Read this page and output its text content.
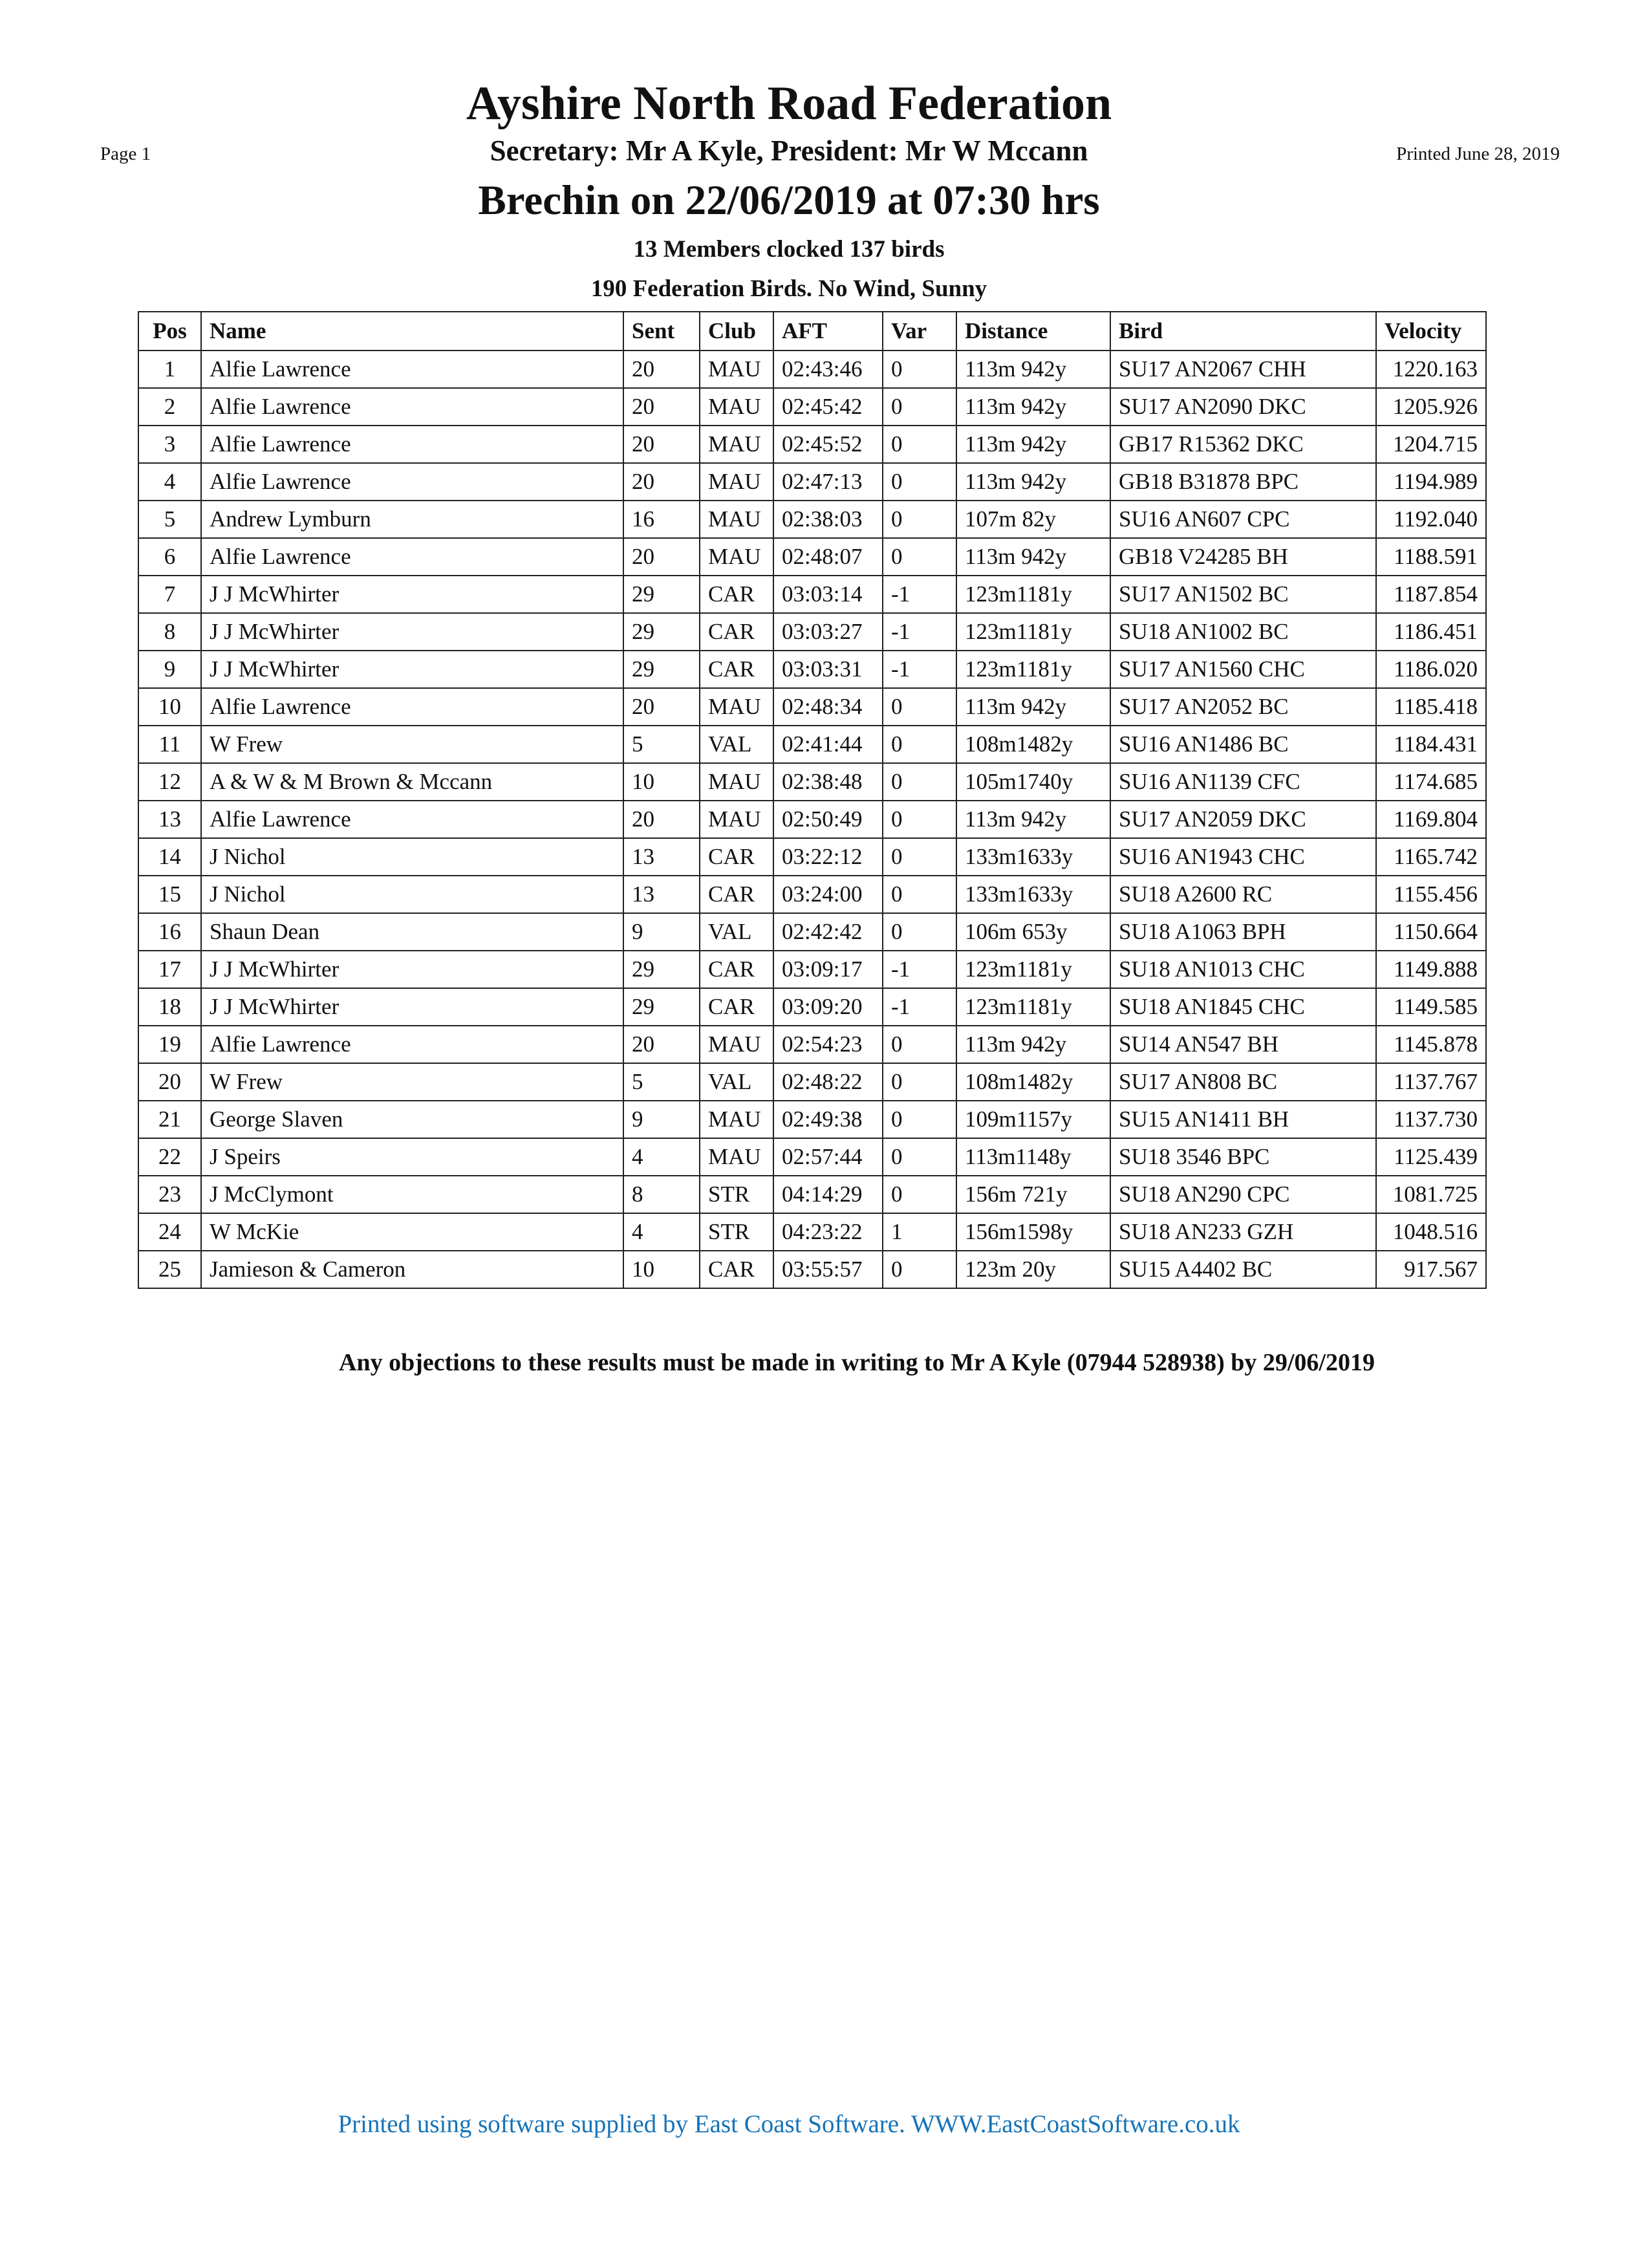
Page 1	Printed June 28, 2019
Ayshire North Road Federation
Secretary: Mr A Kyle, President: Mr W Mccann
Brechin on 22/06/2019 at 07:30 hrs
13 Members clocked 137 birds
190 Federation Birds. No Wind, Sunny
Pos	Name	Sent	Club	AFT	Var	Distance	Bird	Velocity
1	Alfie Lawrence	20	MAU	02:43:46	0	113m 942y	SU17 AN2067 CHH	1220.163
2	Alfie Lawrence	20	MAU	02:45:42	0	113m 942y	SU17 AN2090 DKC	1205.926
3	Alfie Lawrence	20	MAU	02:45:52	0	113m 942y	GB17 R15362 DKC	1204.715
4	Alfie Lawrence	20	MAU	02:47:13	0	113m 942y	GB18 B31878 BPC	1194.989
5	Andrew Lymburn	16	MAU	02:38:03	0	107m 82y	SU16 AN607 CPC	1192.040
6	Alfie Lawrence	20	MAU	02:48:07	0	113m 942y	GB18 V24285 BH	1188.591
7	J J McWhirter	29	CAR	03:03:14	-1	123m1181y	SU17 AN1502 BC	1187.854
8	J J McWhirter	29	CAR	03:03:27	-1	123m1181y	SU18 AN1002 BC	1186.451
9	J J McWhirter	29	CAR	03:03:31	-1	123m1181y	SU17 AN1560 CHC	1186.020
10	Alfie Lawrence	20	MAU	02:48:34	0	113m 942y	SU17 AN2052 BC	1185.418
11	W Frew	5	VAL	02:41:44	0	108m1482y	SU16 AN1486 BC	1184.431
12	A & W & M Brown & Mccann	10	MAU	02:38:48	0	105m1740y	SU16 AN1139 CFC	1174.685
13	Alfie Lawrence	20	MAU	02:50:49	0	113m 942y	SU17 AN2059 DKC	1169.804
14	J Nichol	13	CAR	03:22:12	0	133m1633y	SU16 AN1943 CHC	1165.742
15	J Nichol	13	CAR	03:24:00	0	133m1633y	SU18 A2600 RC	1155.456
16	Shaun Dean	9	VAL	02:42:42	0	106m 653y	SU18 A1063 BPH	1150.664
17	J J McWhirter	29	CAR	03:09:17	-1	123m1181y	SU18 AN1013 CHC	1149.888
18	J J McWhirter	29	CAR	03:09:20	-1	123m1181y	SU18 AN1845 CHC	1149.585
19	Alfie Lawrence	20	MAU	02:54:23	0	113m 942y	SU14 AN547 BH	1145.878
20	W Frew	5	VAL	02:48:22	0	108m1482y	SU17 AN808 BC	1137.767
21	George Slaven	9	MAU	02:49:38	0	109m1157y	SU15 AN1411 BH	1137.730
22	J Speirs	4	MAU	02:57:44	0	113m1148y	SU18 3546 BPC	1125.439
23	J McClymont	8	STR	04:14:29	0	156m 721y	SU18 AN290 CPC	1081.725
24	W McKie	4	STR	04:23:22	1	156m1598y	SU18 AN233 GZH	1048.516
25	Jamieson & Cameron	10	CAR	03:55:57	0	123m 20y	SU15 A4402 BC	917.567
Any objections to these results must be made in writing to Mr A Kyle (07944 528938) by 29/06/2019
Printed using software supplied by East Coast Software. WWW.EastCoastSoftware.co.uk
